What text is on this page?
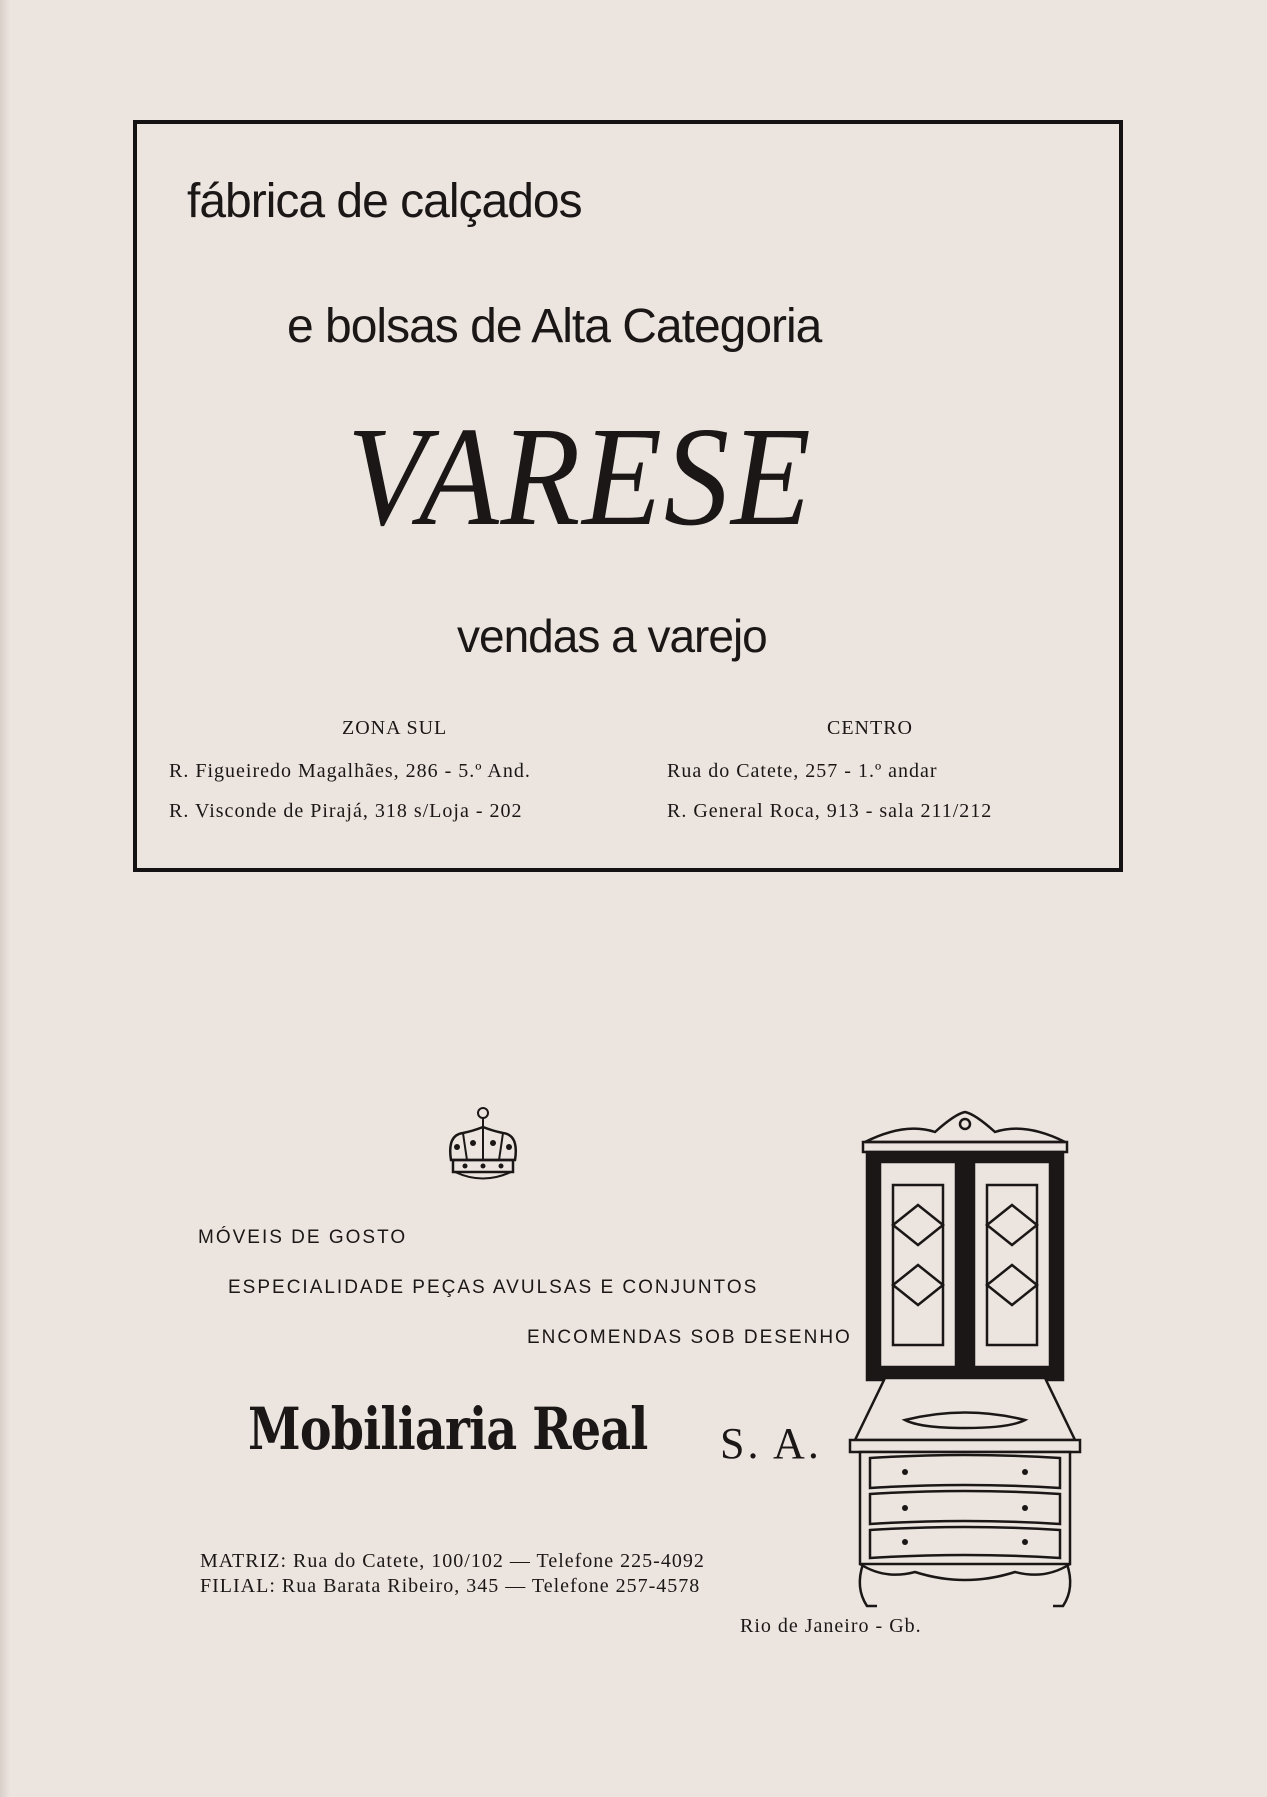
fábrica de calçados
e bolsas de Alta Categoria
VARESE
vendas a varejo
ZONA SUL	CENTRO
R. Figueiredo Magalhães, 286 - 5.º And.
R. Visconde de Pirajá, 318 s/Loja - 202
Rua do Catete, 257 - 1.º andar
R. General Roca, 913 - sala 211/212
MÓVEIS DE GOSTO
ESPECIALIDADE PEÇAS AVULSAS E CONJUNTOS
ENCOMENDAS SOB DESENHO
Mobiliaria Real S. A.
MATRIZ: Rua do Catete, 100/102 — Telefone 225-4092
FILIAL: Rua Barata Ribeiro, 345 — Telefone 257-4578
Rio de Janeiro - Gb.
